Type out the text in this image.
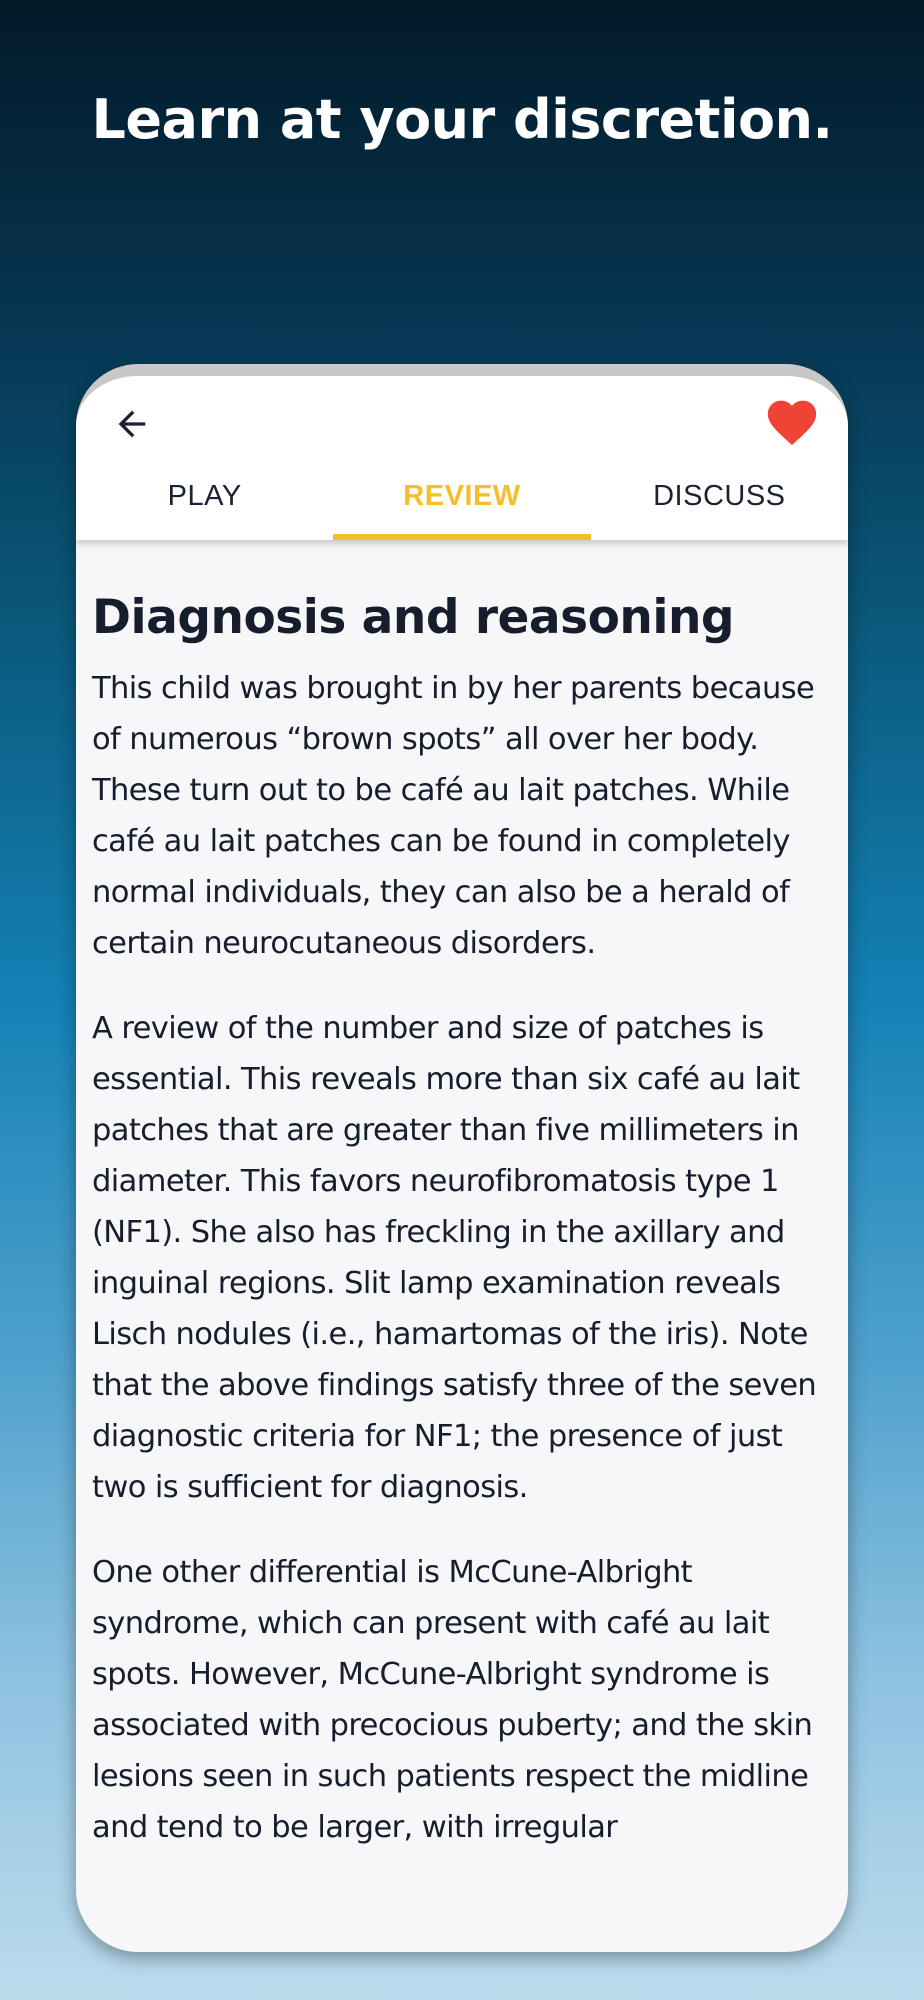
Learn at your discretion.
PLAY	REVIEW	DISCUSS
Diagnosis and reasoning

This child was brought in by her parents because of numerous “brown spots” all over her body. These turn out to be café au lait patches. While café au lait patches can be found in completely normal individuals, they can also be a herald of certain neurocutaneous disorders.

A review of the number and size of patches is essential. This reveals more than six café au lait patches that are greater than five millimeters in diameter. This favors neurofibromatosis type 1 (NF1). She also has freckling in the axillary and inguinal regions. Slit lamp examination reveals Lisch nodules (i.e., hamartomas of the iris). Note that the above findings satisfy three of the seven diagnostic criteria for NF1; the presence of just two is sufficient for diagnosis.

One other differential is McCune-Albright syndrome, which can present with café au lait spots. However, McCune-Albright syndrome is associated with precocious puberty; and the skin lesions seen in such patients respect the midline and tend to be larger, with irregular
